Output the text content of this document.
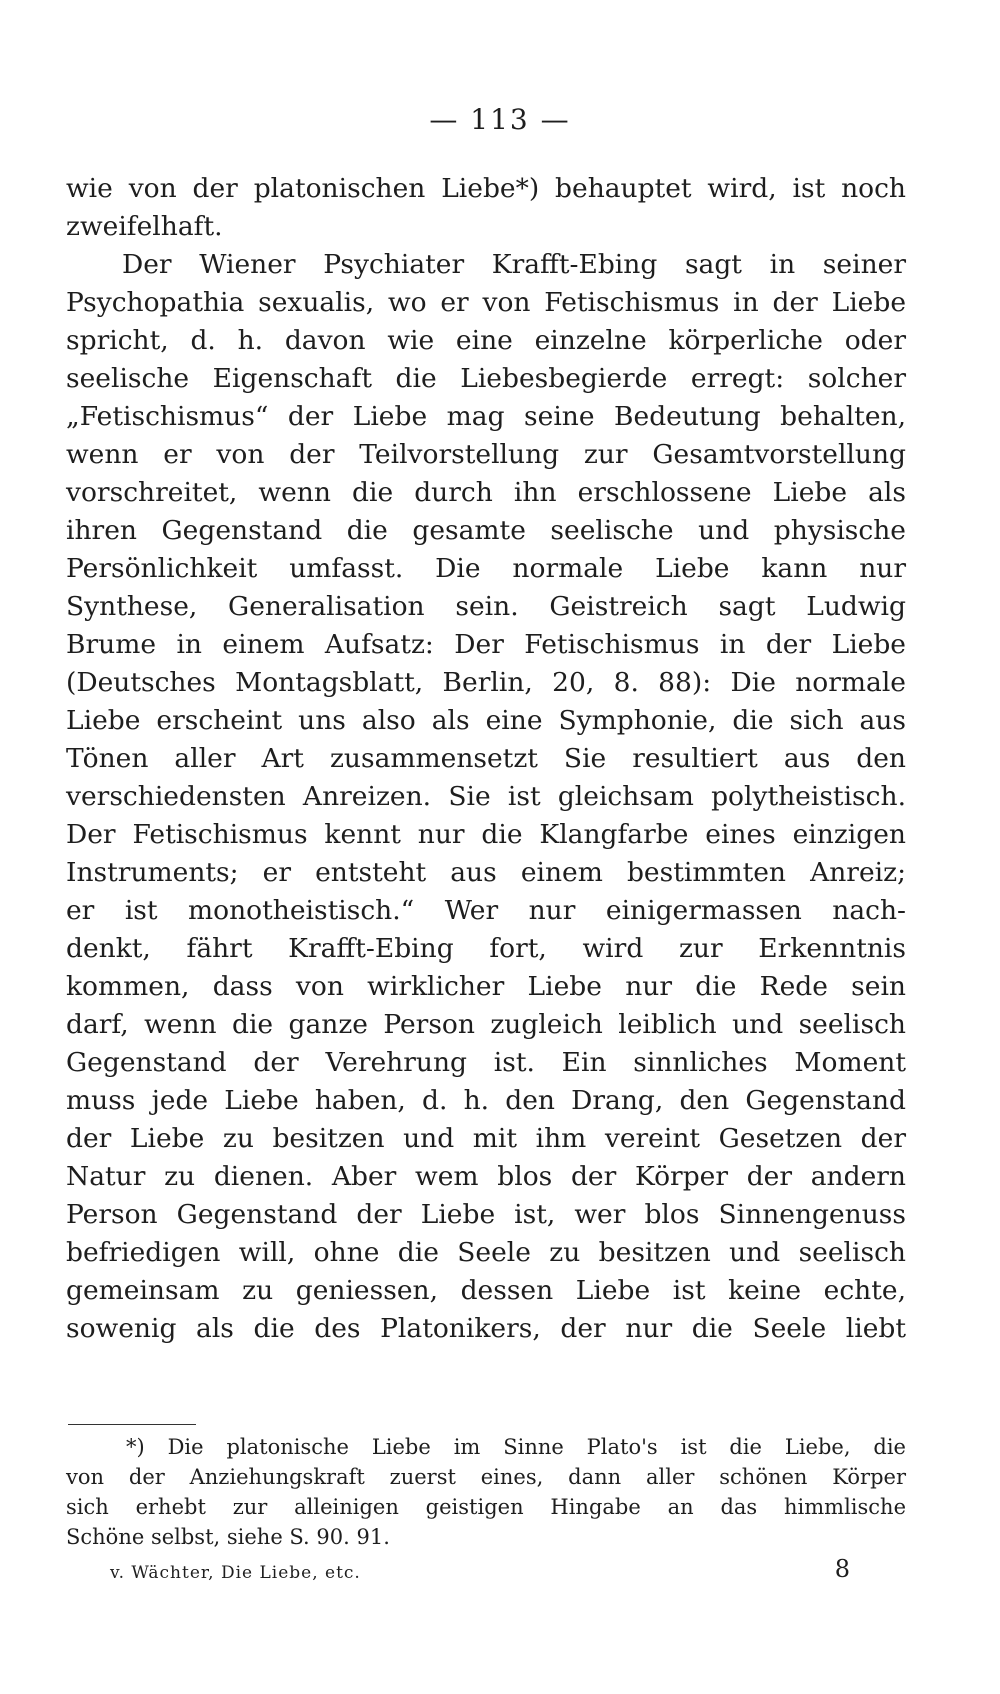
— 113 —
wie von der platonischen Liebe*) behauptet wird, ist noch
zweifelhaft.
Der Wiener Psychiater Krafft-Ebing sagt in seiner
Psychopathia sexualis, wo er von Fetischismus in der Liebe
spricht, d. h. davon wie eine einzelne körperliche oder
seelische Eigenschaft die Liebesbegierde erregt: solcher
„Fetischismus“ der Liebe mag seine Bedeutung behalten,
wenn er von der Teilvorstellung zur Gesamtvorstellung
vorschreitet, wenn die durch ihn erschlossene Liebe als
ihren Gegenstand die gesamte seelische und physische
Persönlichkeit umfasst. Die normale Liebe kann nur
Synthese, Generalisation sein. Geistreich sagt Ludwig
Brume in einem Aufsatz: Der Fetischismus in der Liebe
(Deutsches Montagsblatt, Berlin, 20, 8. 88): Die normale
Liebe erscheint uns also als eine Symphonie, die sich aus
Tönen aller Art zusammensetzt Sie resultiert aus den
verschiedensten Anreizen. Sie ist gleichsam polytheistisch.
Der Fetischismus kennt nur die Klangfarbe eines einzigen
Instruments; er entsteht aus einem bestimmten Anreiz;
er ist monotheistisch.“ Wer nur einigermassen nach-
denkt, fährt Krafft-Ebing fort, wird zur Erkenntnis
kommen, dass von wirklicher Liebe nur die Rede sein
darf, wenn die ganze Person zugleich leiblich und seelisch
Gegenstand der Verehrung ist. Ein sinnliches Moment
muss jede Liebe haben, d. h. den Drang, den Gegenstand
der Liebe zu besitzen und mit ihm vereint Gesetzen der
Natur zu dienen. Aber wem blos der Körper der andern
Person Gegenstand der Liebe ist, wer blos Sinnengenuss
befriedigen will, ohne die Seele zu besitzen und seelisch
gemeinsam zu geniessen, dessen Liebe ist keine echte,
sowenig als die des Platonikers, der nur die Seele liebt
*) Die platonische Liebe im Sinne Plato's ist die Liebe, die
von der Anziehungskraft zuerst eines, dann aller schönen Körper
sich erhebt zur alleinigen geistigen Hingabe an das himmlische
Schöne selbst, siehe S. 90. 91.
v. Wächter, Die Liebe, etc.	8
